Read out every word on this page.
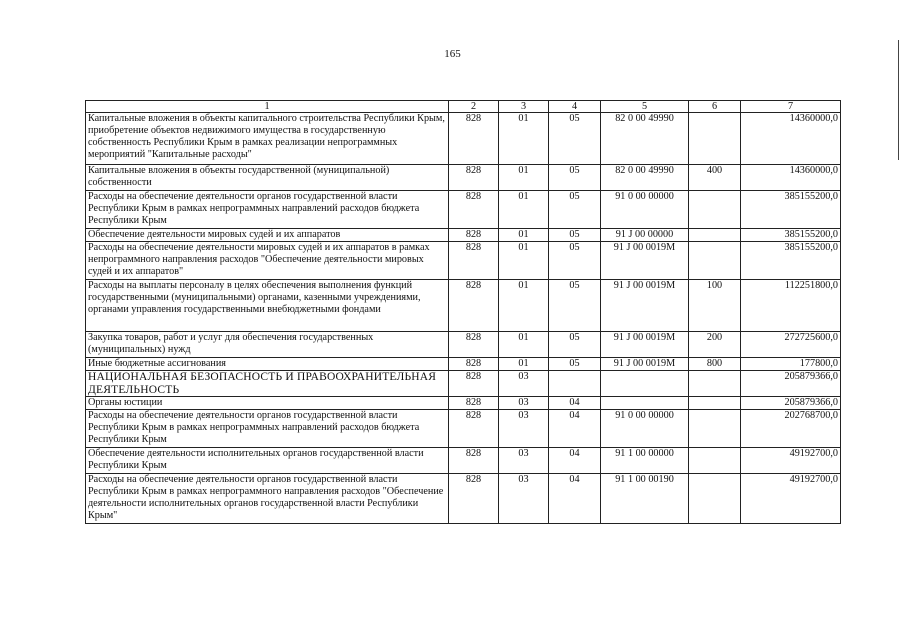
165
1	2	3	4	5	6	7
Капитальные вложения в объекты капитального строительства Республики Крым, приобретение объектов недвижимого имущества в государственную собственность Республики Крым в рамках реализации непрограммных мероприятий "Капитальные расходы"	828	01	05	82 0 00 49990		14360000,0
Капитальные вложения в объекты государственной (муниципальной) собственности	828	01	05	82 0 00 49990	400	14360000,0
Расходы на обеспечение деятельности органов государственной власти Республики Крым в рамках непрограммных направлений расходов бюджета Республики Крым	828	01	05	91 0 00 00000		385155200,0
Обеспечение деятельности мировых судей и их аппаратов	828	01	05	91 J 00 00000		385155200,0
Расходы на обеспечение деятельности мировых судей и их аппаратов в рамках непрограммного направления расходов "Обеспечение деятельности мировых судей и их аппаратов"	828	01	05	91 J 00 0019M		385155200,0
Расходы на выплаты персоналу в целях обеспечения выполнения функций государственными (муниципальными) органами, казенными учреждениями, органами управления государственными внебюджетными фондами	828	01	05	91 J 00 0019M	100	112251800,0
Закупка товаров, работ и услуг для обеспечения государственных (муниципальных) нужд	828	01	05	91 J 00 0019M	200	272725600,0
Иные бюджетные ассигнования	828	01	05	91 J 00 0019M	800	177800,0
НАЦИОНАЛЬНАЯ БЕЗОПАСНОСТЬ И ПРАВООХРАНИТЕЛЬНАЯ ДЕЯТЕЛЬНОСТЬ	828	03				205879366,0
Органы юстиции	828	03	04			205879366,0
Расходы на обеспечение деятельности органов государственной власти Республики Крым в рамках непрограммных направлений расходов бюджета Республики Крым	828	03	04	91 0 00 00000		202768700,0
Обеспечение деятельности исполнительных органов государственной власти Республики Крым	828	03	04	91 1 00 00000		49192700,0
Расходы на обеспечение деятельности органов государственной власти Республики Крым в рамках непрограммного направления расходов "Обеспечение деятельности исполнительных органов государственной власти Республики Крым"	828	03	04	91 1 00 00190		49192700,0
